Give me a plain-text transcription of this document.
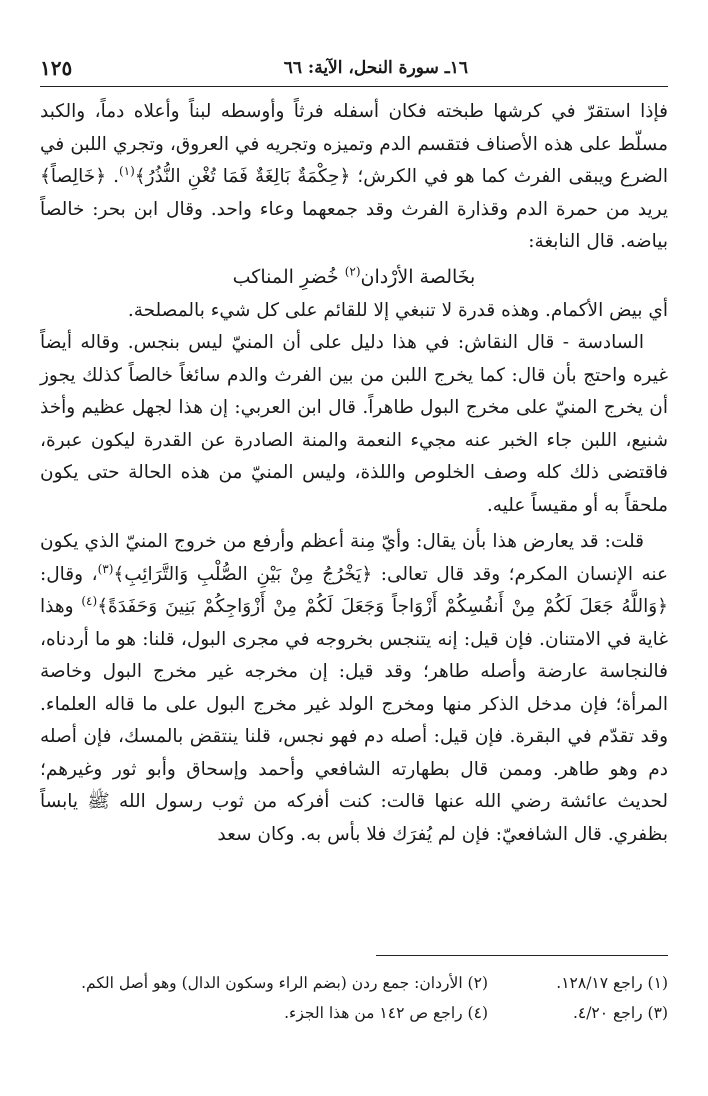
١٦ـ سورة النحل، الآية: ٦٦
١٢٥

فإذا استقرّ في كرشها طبخته فكان أسفله فرثاً وأوسطه لبناً وأعلاه دماً، والكبد مسلّط على هذه الأصناف فتقسم الدم وتميزه وتجريه في العروق، وتجري اللبن في الضرع ويبقى الفرث كما هو في الكرش؛ ﴿حِكْمَةٌ بَالِغَةٌ فَمَا تُغْنِ النُّذُرُ﴾$^{(١)}$. ﴿خَالِصاً﴾ يريد من حمرة الدم وقذارة الفرث وقد جمعهما وعاء واحد. وقال ابن بحر: خالصاً بياضه. قال النابغة:

بخَالصة الأرْدان$^{(٢)}$ خُضرِ المناكب

أي بيض الأكمام. وهذه قدرة لا تنبغي إلا للقائم على كل شيء بالمصلحة.

السادسة - قال النقاش: في هذا دليل على أن المنيّ ليس بنجس. وقاله أيضاً غيره واحتج بأن قال: كما يخرج اللبن من بين الفرث والدم سائغاً خالصاً كذلك يجوز أن يخرج المنيّ على مخرج البول طاهراً. قال ابن العربي: إن هذا لجهل عظيم وأخذ شنيع، اللبن جاء الخبر عنه مجيء النعمة والمنة الصادرة عن القدرة ليكون عبرة، فاقتضى ذلك كله وصف الخلوص واللذة، وليس المنيّ من هذه الحالة حتى يكون ملحقاً به أو مقيساً عليه.

قلت: قد يعارض هذا بأن يقال: وأيّ مِنة أعظم وأرفع من خروج المنيّ الذي يكون عنه الإنسان المكرم؛ وقد قال تعالى: ﴿يَخْرُجُ مِنْ بَيْنِ الصُّلْبِ وَالتَّرَائِبِ﴾$^{(٣)}$، وقال: ﴿وَاللَّهُ جَعَلَ لَكُمْ مِنْ أَنفُسِكُمْ أَزْوَاجاً وَجَعَلَ لَكُمْ مِنْ أَزْوَاجِكُمْ بَنِينَ وَحَفَدَةً﴾$^{(٤)}$ وهذا غاية في الامتنان. فإن قيل: إنه يتنجس بخروجه في مجرى البول، قلنا: هو ما أردناه، فالنجاسة عارضة وأصله طاهر؛ وقد قيل: إن مخرجه غير مخرج البول وخاصة المرأة؛ فإن مدخل الذكر منها ومخرج الولد غير مخرج البول على ما قاله العلماء. وقد تقدّم في البقرة. فإن قيل: أصله دم فهو نجس، قلنا ينتقض بالمسك، فإن أصله دم وهو طاهر. وممن قال بطهارته الشافعي وأحمد وإسحاق وأبو ثور وغيرهم؛ لحديث عائشة رضي الله عنها قالت: كنت أفركه من ثوب رسول الله ﷺ يابساً بظفري. قال الشافعيّ: فإن لم يُفرَك فلا بأس به. وكان سعد

(١) راجع ١٢٨/١٧.
(٢) الأردان: جمع ردن (بضم الراء وسكون الدال) وهو أصل الكم.
(٣) راجع ٤/٢٠.
(٤) راجع ص ١٤٢ من هذا الجزء.
